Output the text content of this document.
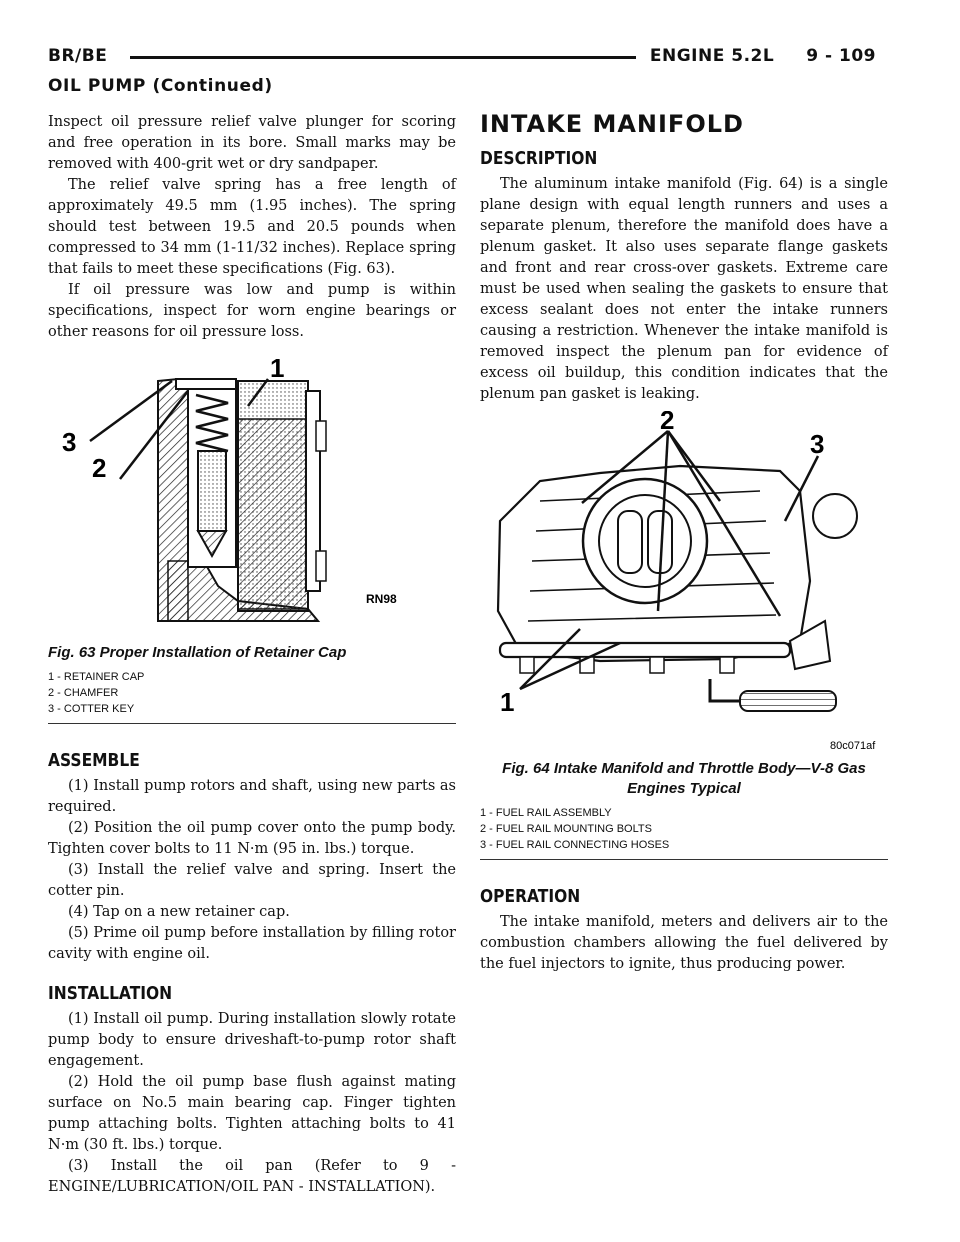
BR/BE	ENGINE 5.2L     9 - 109
OIL PUMP (Continued)

Inspect oil pressure relief valve plunger for scoring and free operation in its bore. Small marks may be removed with 400-grit wet or dry sandpaper.

The relief valve spring has a free length of approximately 49.5 mm (1.95 inches). The spring should test between 19.5 and 20.5 pounds when compressed to 34 mm (1-11/32 inches). Replace spring that fails to meet these specifications (Fig. 63).

If oil pressure was low and pump is within specifications, inspect for worn engine bearings or other reasons for oil pressure loss.

1
2
3
RN98
Fig. 63 Proper Installation of Retainer Cap
1 - RETAINER CAP
2 - CHAMFER
3 - COTTER KEY
ASSEMBLE

(1) Install pump rotors and shaft, using new parts as required.

(2) Position the oil pump cover onto the pump body. Tighten cover bolts to 11 N·m (95 in. lbs.) torque.

(3) Install the relief valve and spring. Insert the cotter pin.

(4) Tap on a new retainer cap.

(5) Prime oil pump before installation by filling rotor cavity with engine oil.

INSTALLATION

(1) Install oil pump. During installation slowly rotate pump body to ensure driveshaft-to-pump rotor shaft engagement.

(2) Hold the oil pump base flush against mating surface on No.5 main bearing cap. Finger tighten pump attaching bolts. Tighten attaching bolts to 41 N·m (30 ft. lbs.) torque.

(3) Install the oil pan (Refer to 9 - ENGINE/LUBRICATION/OIL PAN - INSTALLATION).

INTAKE MANIFOLD
DESCRIPTION

The aluminum intake manifold (Fig. 64) is a single plane design with equal length runners and uses a separate plenum, therefore the manifold does have a plenum gasket. It also uses separate flange gaskets and front and rear cross-over gaskets. Extreme care must be used when sealing the gaskets to ensure that excess sealant does not enter the intake runners causing a restriction. Whenever the intake manifold is removed inspect the plenum pan for evidence of excess oil buildup, this condition indicates that the plenum pan gasket is leaking.

2
3
1
80c071af
Fig. 64 Intake Manifold and Throttle Body—V-8 Gas Engines Typical
1 - FUEL RAIL ASSEMBLY
2 - FUEL RAIL MOUNTING BOLTS
3 - FUEL RAIL CONNECTING HOSES
OPERATION

The intake manifold, meters and delivers air to the combustion chambers allowing the fuel delivered by the fuel injectors to ignite, thus producing power.
